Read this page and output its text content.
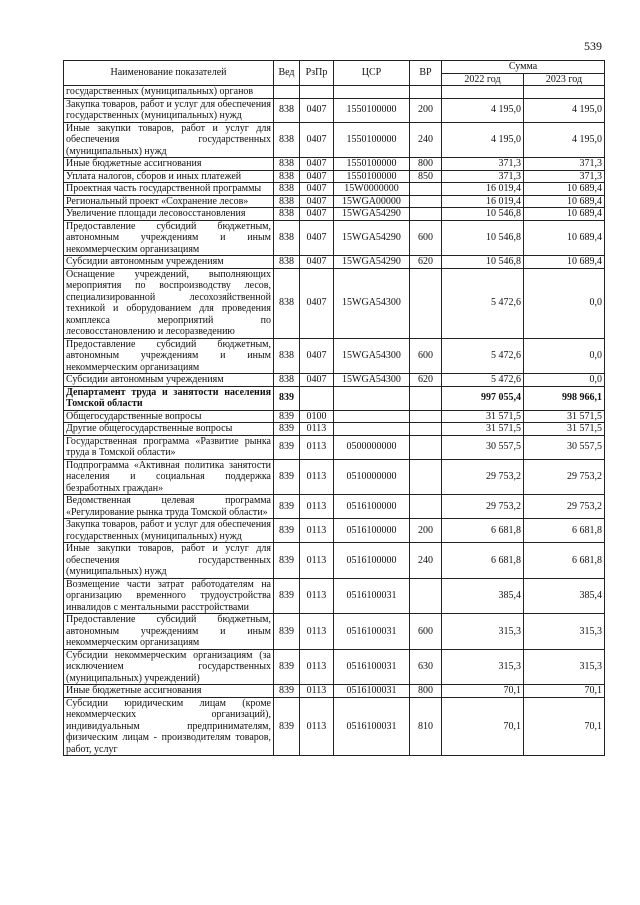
539
Наименование показателей	Вед	РзПр	ЦСР	ВР	Сумма	
					2022 год	2023 год
государственных (муниципальных) органов						
Закупка товаров, работ и услуг для обеспечения государственных (муниципальных) нужд	838	0407	1550100000	200	4 195,0	4 195,0
Иные закупки товаров, работ и услуг для обеспечения государственных (муниципальных) нужд	838	0407	1550100000	240	4 195,0	4 195,0
Иные бюджетные ассигнования	838	0407	1550100000	800	371,3	371,3
Уплата налогов, сборов и иных платежей	838	0407	1550100000	850	371,3	371,3
Проектная часть государственной программы	838	0407	15W0000000		16 019,4	10 689,4
Региональный проект «Сохранение лесов»	838	0407	15WGA00000		16 019,4	10 689,4
Увеличение площади лесовосстановления	838	0407	15WGA54290		10 546,8	10 689,4
Предоставление субсидий бюджетным, автономным учреждениям и иным некоммерческим организациям	838	0407	15WGA54290	600	10 546,8	10 689,4
Субсидии автономным учреждениям	838	0407	15WGA54290	620	10 546,8	10 689,4
Оснащение учреждений, выполняющих мероприятия по воспроизводству лесов, специализированной лесохозяйственной техникой и оборудованием для проведения комплекса мероприятий по лесовосстановлению и лесоразведению	838	0407	15WGA54300		5 472,6	0,0
Предоставление субсидий бюджетным, автономным учреждениям и иным некоммерческим организациям	838	0407	15WGA54300	600	5 472,6	0,0
Субсидии автономным учреждениям	838	0407	15WGA54300	620	5 472,6	0,0
Департамент труда и занятости населения Томской области	839				997 055,4	998 966,1
Общегосударственные вопросы	839	0100			31 571,5	31 571,5
Другие общегосударственные вопросы	839	0113			31 571,5	31 571,5
Государственная программа «Развитие рынка труда в Томской области»	839	0113	0500000000		30 557,5	30 557,5
Подпрограмма «Активная политика занятости населения и социальная поддержка безработных граждан»	839	0113	0510000000		29 753,2	29 753,2
Ведомственная целевая программа «Регулирование рынка труда Томской области»	839	0113	0516100000		29 753,2	29 753,2
Закупка товаров, работ и услуг для обеспечения государственных (муниципальных) нужд	839	0113	0516100000	200	6 681,8	6 681,8
Иные закупки товаров, работ и услуг для обеспечения государственных (муниципальных) нужд	839	0113	0516100000	240	6 681,8	6 681,8
Возмещение части затрат работодателям на организацию временного трудоустройства инвалидов с ментальными расстройствами	839	0113	0516100031		385,4	385,4
Предоставление субсидий бюджетным, автономным учреждениям и иным некоммерческим организациям	839	0113	0516100031	600	315,3	315,3
Субсидии некоммерческим организациям (за исключением государственных (муниципальных) учреждений)	839	0113	0516100031	630	315,3	315,3
Иные бюджетные ассигнования	839	0113	0516100031	800	70,1	70,1
Субсидии юридическим лицам (кроме некоммерческих организаций), индивидуальным предпринимателям, физическим лицам - производителям товаров, работ, услуг	839	0113	0516100031	810	70,1	70,1
